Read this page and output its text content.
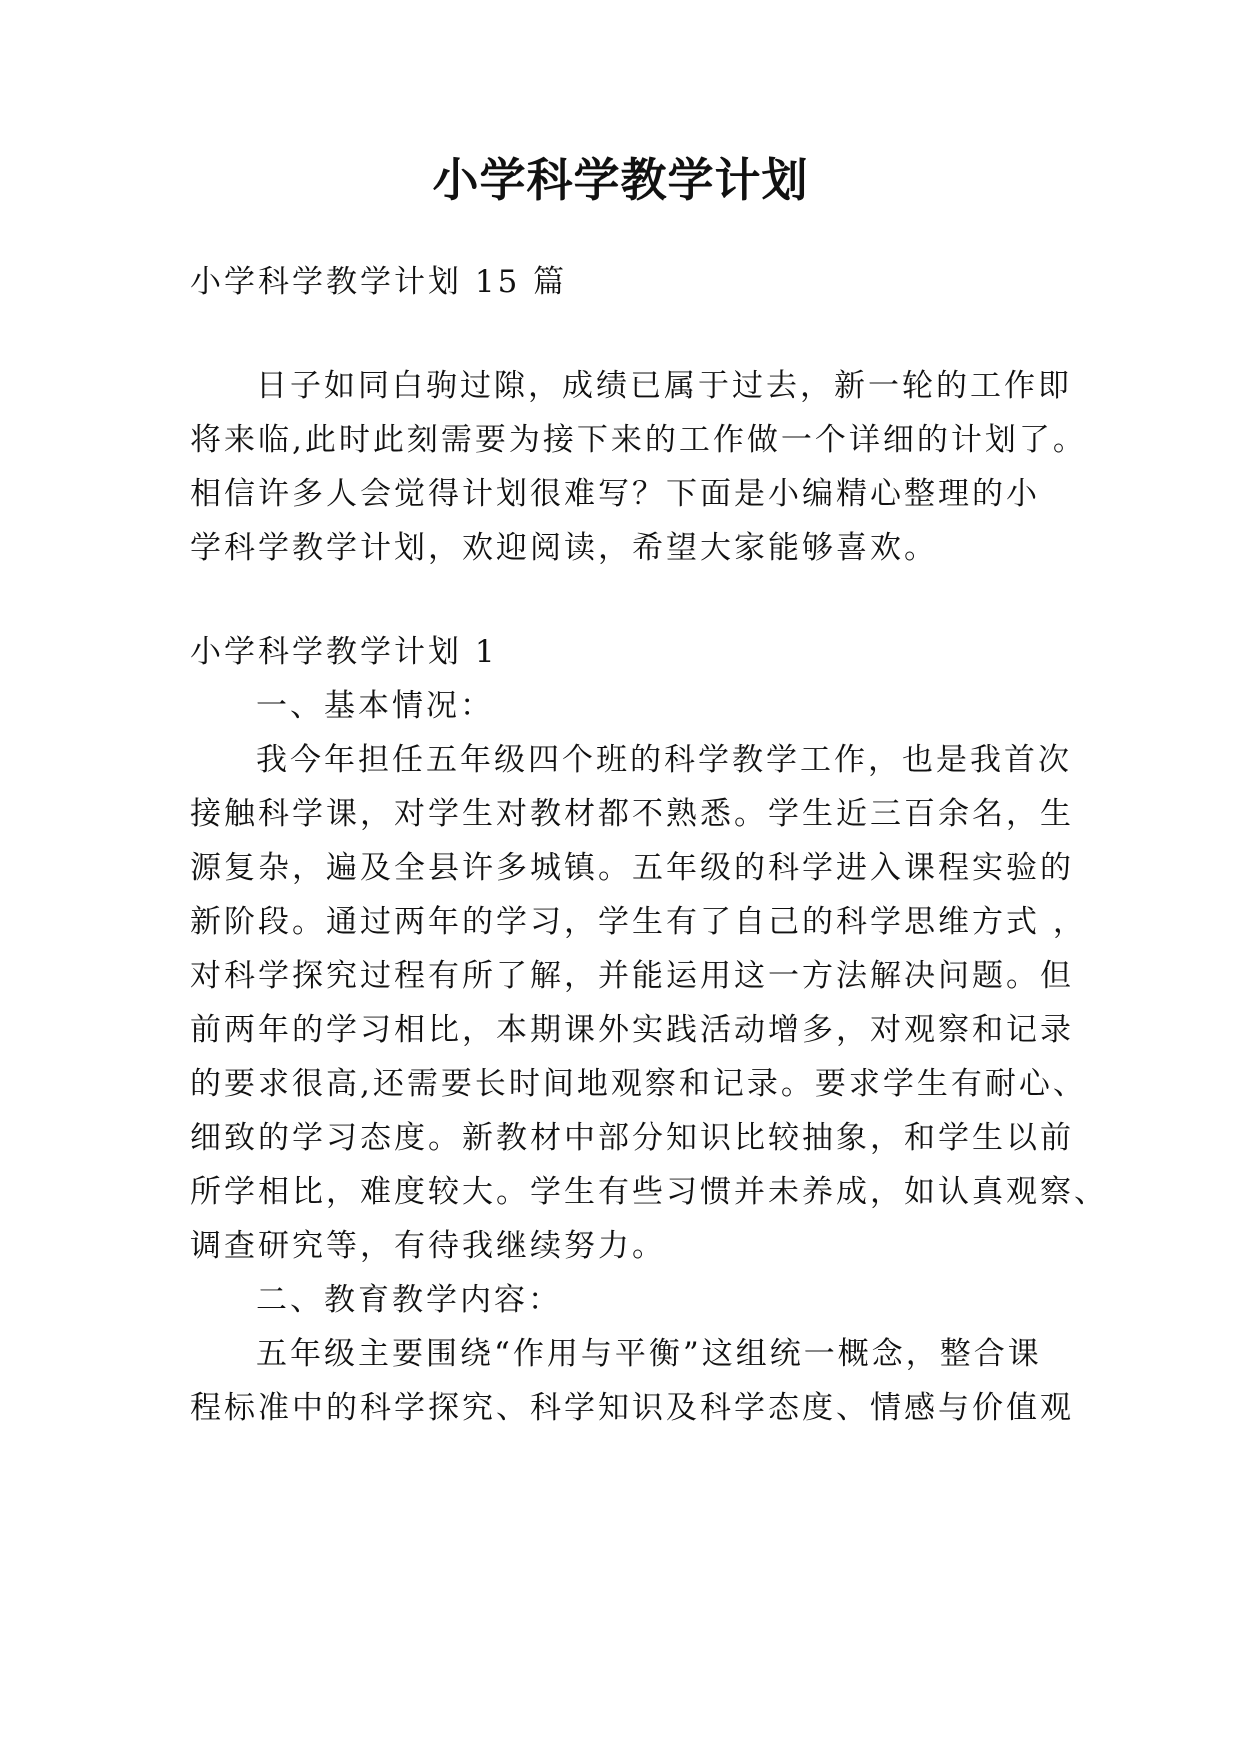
小学科学教学计划
小学科学教学计划 15 篇
日子如同白驹过隙，成绩已属于过去，新一轮的工作即
将来临,此时此刻需要为接下来的工作做一个详细的计划了。
相信许多人会觉得计划很难写？下面是小编精心整理的小
学科学教学计划，欢迎阅读，希望大家能够喜欢。
小学科学教学计划 1
一、基本情况：
我今年担任五年级四个班的科学教学工作，也是我首次
接触科学课，对学生对教材都不熟悉。学生近三百余名，生
源复杂，遍及全县许多城镇。五年级的科学进入课程实验的
新阶段。通过两年的学习，学生有了自己的科学思维方式 ，
对科学探究过程有所了解，并能运用这一方法解决问题。但
前两年的学习相比，本期课外实践活动增多，对观察和记录
的要求很高,还需要长时间地观察和记录。要求学生有耐心、
细致的学习态度。新教材中部分知识比较抽象，和学生以前
所学相比，难度较大。学生有些习惯并未养成，如认真观察、
调查研究等，有待我继续努力。
二、教育教学内容：
五年级主要围绕“作用与平衡”这组统一概念，整合课
程标准中的科学探究、科学知识及科学态度、情感与价值观
